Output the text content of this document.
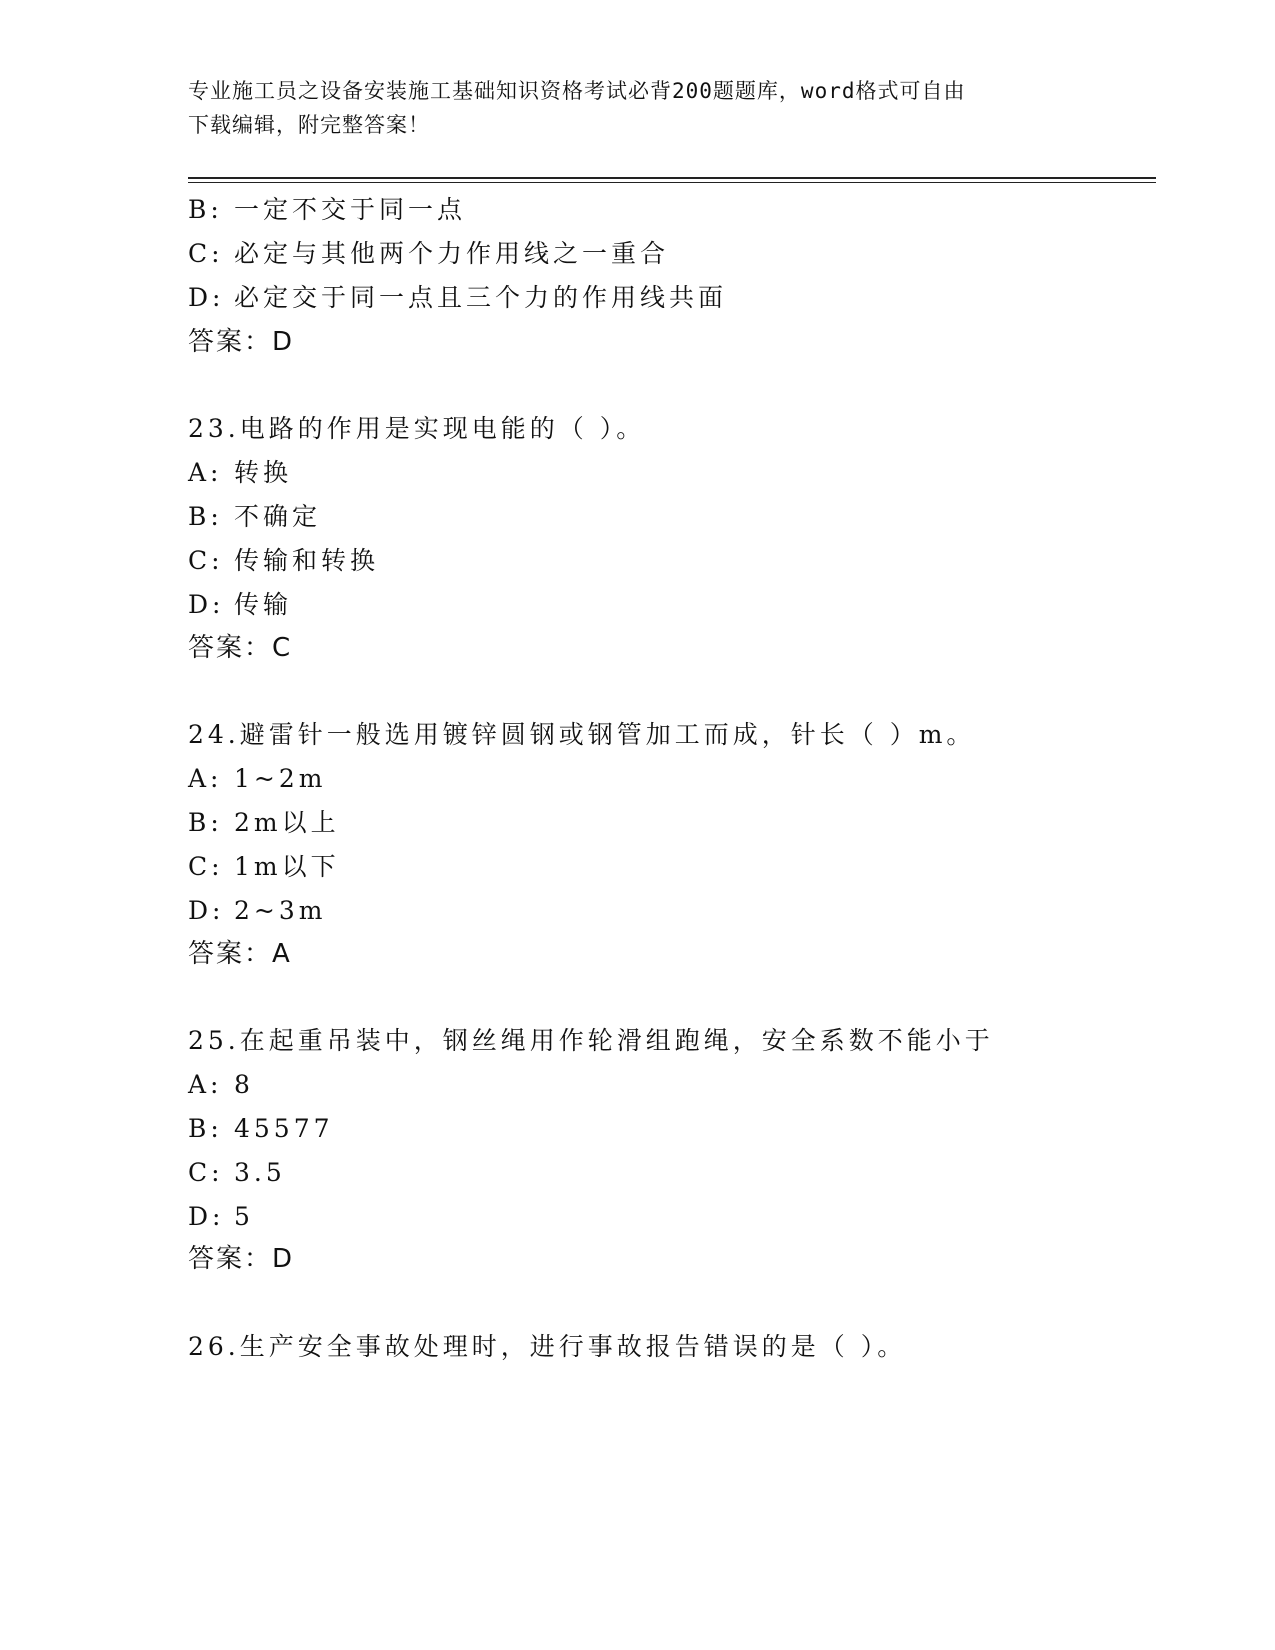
专业施工员之设备安装施工基础知识资格考试必背200题题库，word格式可自由
下载编辑，附完整答案！
B: 一定不交于同一点
C: 必定与其他两个力作用线之一重合
D: 必定交于同一点且三个力的作用线共面
答案：D
23.电路的作用是实现电能的（ ）。
A: 转换
B: 不确定
C: 传输和转换
D: 传输
答案：C
24.避雷针一般选用镀锌圆钢或钢管加工而成，针长（ ）m。
A: 1~2m
B: 2m以上
C: 1m以下
D: 2~3m
答案：A
25.在起重吊装中，钢丝绳用作轮滑组跑绳，安全系数不能小于
A: 8
B: 45577
C: 3.5
D: 5
答案：D
26.生产安全事故处理时，进行事故报告错误的是（ ）。
